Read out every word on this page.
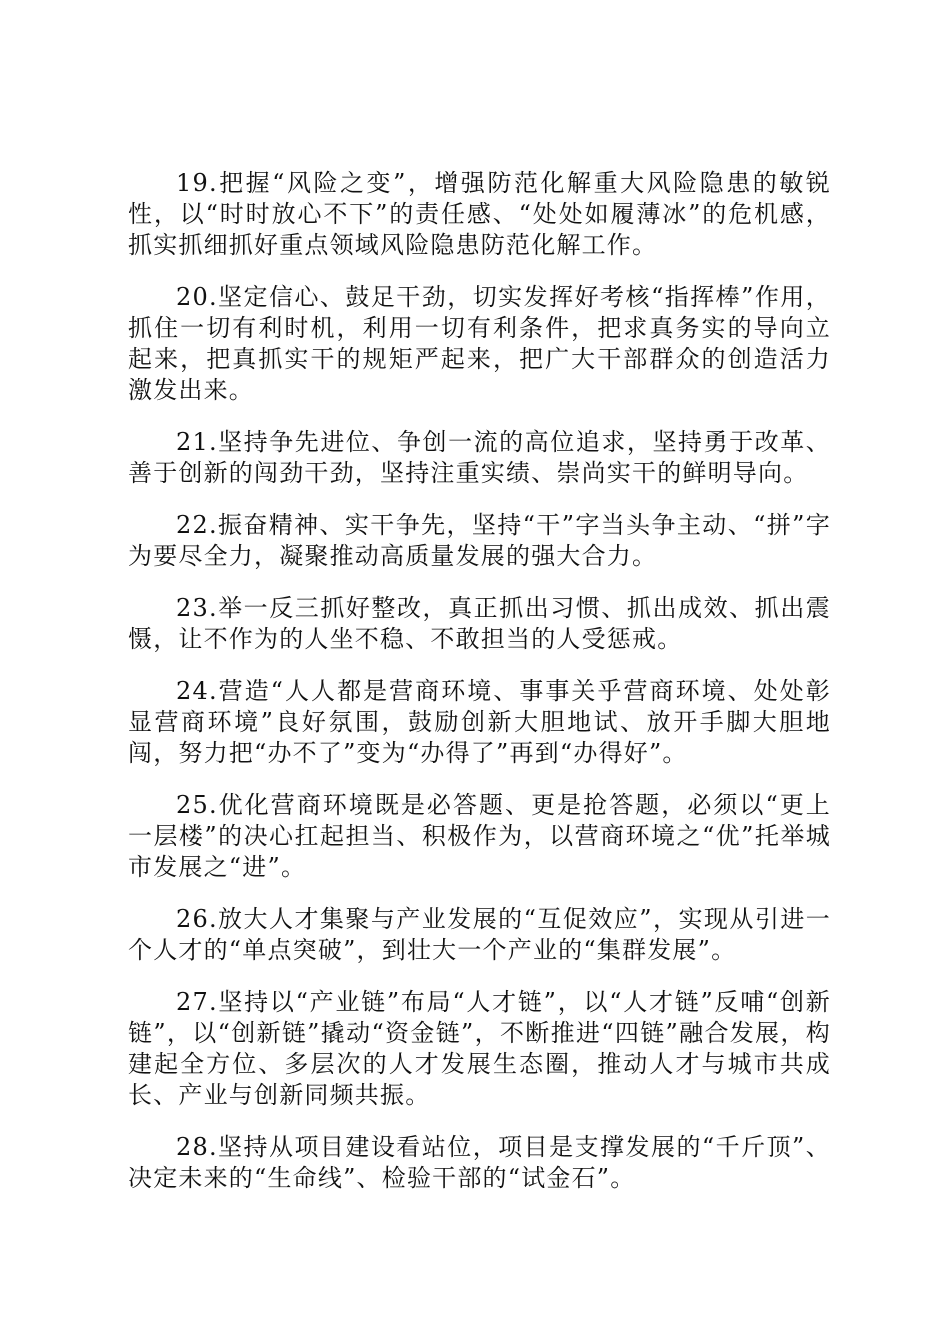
19.把握“风险之变”，增强防范化解重大风险隐患的敏锐性，以“时时放心不下”的责任感、“处处如履薄冰”的危机感，抓实抓细抓好重点领域风险隐患防范化解工作。

20.坚定信心、鼓足干劲，切实发挥好考核“指挥棒”作用，抓住一切有利时机，利用一切有利条件，把求真务实的导向立起来，把真抓实干的规矩严起来，把广大干部群众的创造活力激发出来。

21.坚持争先进位、争创一流的高位追求，坚持勇于改革、善于创新的闯劲干劲，坚持注重实绩、崇尚实干的鲜明导向。

22.振奋精神、实干争先，坚持“干”字当头争主动、“拼”字为要尽全力，凝聚推动高质量发展的强大合力。

23.举一反三抓好整改，真正抓出习惯、抓出成效、抓出震慑，让不作为的人坐不稳、不敢担当的人受惩戒。

24.营造“人人都是营商环境、事事关乎营商环境、处处彰显营商环境”良好氛围，鼓励创新大胆地试、放开手脚大胆地闯，努力把“办不了”变为“办得了”再到“办得好”。

25.优化营商环境既是必答题、更是抢答题，必须以“更上一层楼”的决心扛起担当、积极作为，以营商环境之“优”托举城市发展之“进”。

26.放大人才集聚与产业发展的“互促效应”，实现从引进一个人才的“单点突破”，到壮大一个产业的“集群发展”。

27.坚持以“产业链”布局“人才链”，以“人才链”反哺“创新链”，以“创新链”撬动“资金链”，不断推进“四链”融合发展，构建起全方位、多层次的人才发展生态圈，推动人才与城市共成长、产业与创新同频共振。

28.坚持从项目建设看站位，项目是支撑发展的“千斤顶”、决定未来的“生命线”、检验干部的“试金石”。
